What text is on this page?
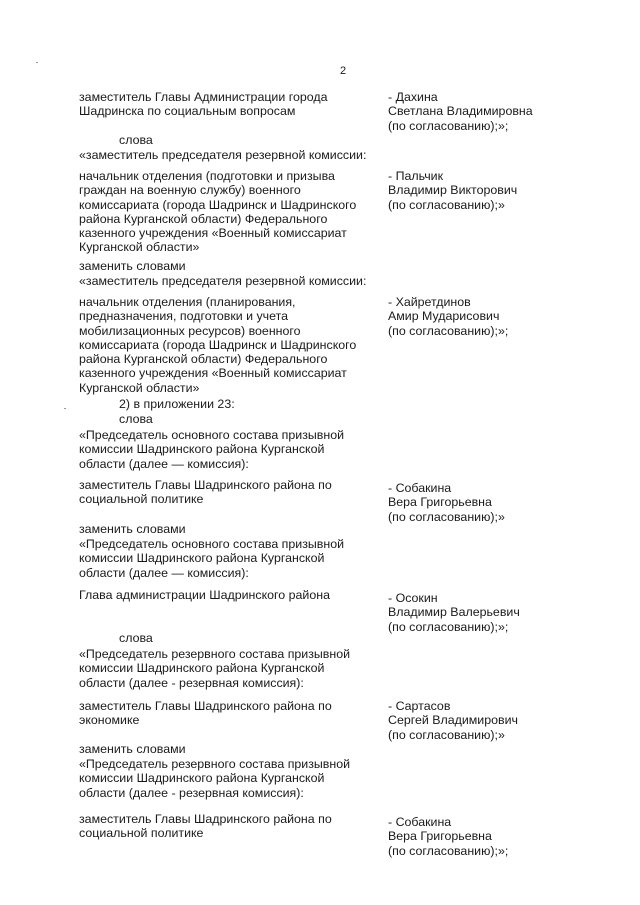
2
заместитель Главы Администрации города
Шадринска по социальным вопросам
- Дахина
Светлана Владимировна
(по согласованию);»;
слова
«заместитель председателя резервной комиссии:
начальник отделения (подготовки и призыва
граждан на военную службу) военного
комиссариата (города Шадринск и Шадринского
района Курганской области) Федерального
казенного учреждения «Военный комиссариат
Курганской области»
- Пальчик
Владимир Викторович
(по согласованию);»
заменить словами
«заместитель председателя резервной комиссии:
начальник отделения (планирования,
предназначения, подготовки и учета
мобилизационных ресурсов) военного
комиссариата (города Шадринск и Шадринского
района Курганской области) Федерального
казенного учреждения «Военный комиссариат
Курганской области»
- Хайретдинов
Амир Мударисович
(по согласованию);»;
2) в приложении 23:
слова
«Председатель основного состава призывной
комиссии Шадринского района Курганской
области (далее — комиссия):
заместитель Главы Шадринского района по
социальной политике
- Собакина
Вера Григорьевна
(по согласованию);»
заменить словами
«Председатель основного состава призывной
комиссии Шадринского района Курганской
области (далее — комиссия):
Глава администрации Шадринского района	- Осокин
Владимир Валерьевич
(по согласованию);»;
слова
«Председатель резервного состава призывной
комиссии Шадринского района Курганской
области (далее - резервная комиссия):
заместитель Главы Шадринского района по
экономике
- Сартасов
Сергей Владимирович
(по согласованию);»
заменить словами
«Председатель резервного состава призывной
комиссии Шадринского района Курганской
области (далее - резервная комиссия):
заместитель Главы Шадринского района по
социальной политике
- Собакина
Вера Григорьевна
(по согласованию);»;
